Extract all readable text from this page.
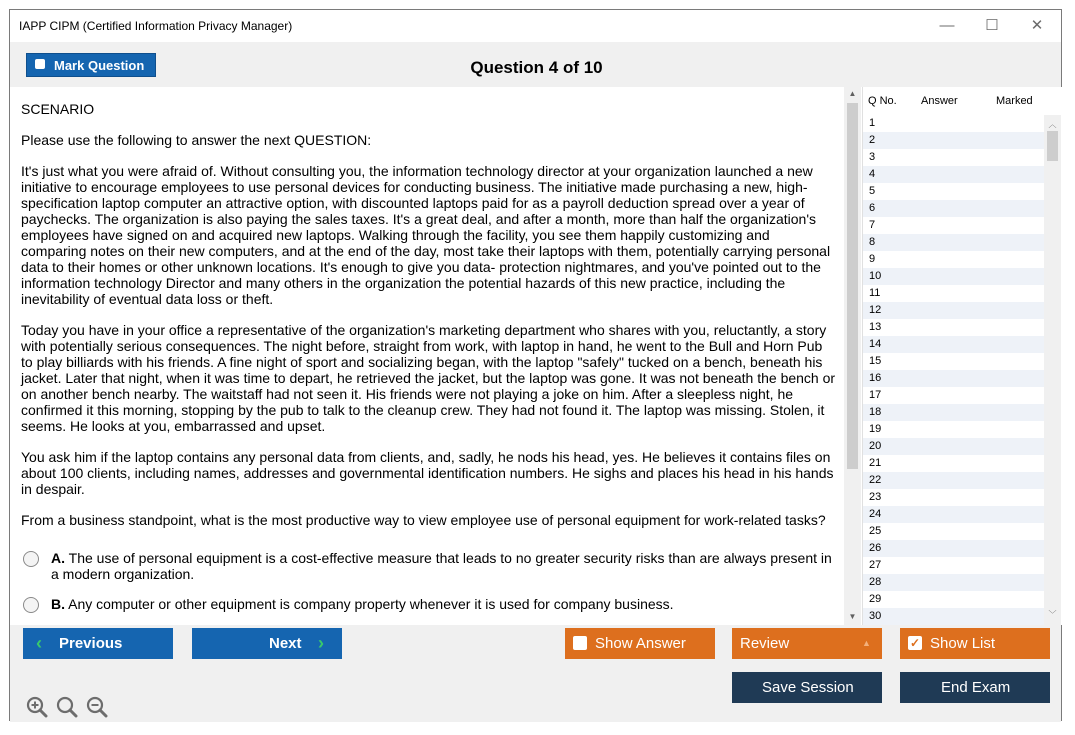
IAPP CIPM (Certified Information Privacy Manager)	—	☐	✕
Mark Question	Question 4 of 10

SCENARIO

Please use the following to answer the next QUESTION:

It's just what you were afraid of. Without consulting you, the information technology director at your organization launched a new initiative to encourage employees to use personal devices for conducting business. The initiative made purchasing a new, high-specification laptop computer an attractive option, with discounted laptops paid for as a payroll deduction spread over a year of paychecks. The organization is also paying the sales taxes. It's a great deal, and after a month, more than half the organization's employees have signed on and acquired new laptops. Walking through the facility, you see them happily customizing and comparing notes on their new computers, and at the end of the day, most take their laptops with them, potentially carrying personal data to their homes or other unknown locations. It's enough to give you data- protection nightmares, and you've pointed out to the information technology Director and many others in the organization the potential hazards of this new practice, including the inevitability of eventual data loss or theft.

Today you have in your office a representative of the organization's marketing department who shares with you, reluctantly, a story with potentially serious consequences. The night before, straight from work, with laptop in hand, he went to the Bull and Horn Pub to play billiards with his friends. A fine night of sport and socializing began, with the laptop "safely" tucked on a bench, beneath his jacket. Later that night, when it was time to depart, he retrieved the jacket, but the laptop was gone. It was not beneath the bench or on another bench nearby. The waitstaff had not seen it. His friends were not playing a joke on him. After a sleepless night, he confirmed it this morning, stopping by the pub to talk to the cleanup crew. They had not found it. The laptop was missing. Stolen, it seems. He looks at you, embarrassed and upset.

You ask him if the laptop contains any personal data from clients, and, sadly, he nods his head, yes. He believes it contains files on about 100 clients, including names, addresses and governmental identification numbers. He sighs and places his head in his hands in despair.

From a business standpoint, what is the most productive way to view employee use of personal equipment for work-related tasks?

A. The use of personal equipment is a cost-effective measure that leads to no greater security risks than are always present in a modern organization.
B. Any computer or other equipment is company property whenever it is used for company business.
▲
▼
Q No. Answer	Marked
1
2
3
4
5
6
7
8
9
10
11
12
13
14
15
16
17
18
19
20
21
22
23
24
25
26
27
28
29
30
︿
﹀
‹ Previous	Next ›	Show Answer	Review	▲	✓ Show List
Save Session	End Exam
